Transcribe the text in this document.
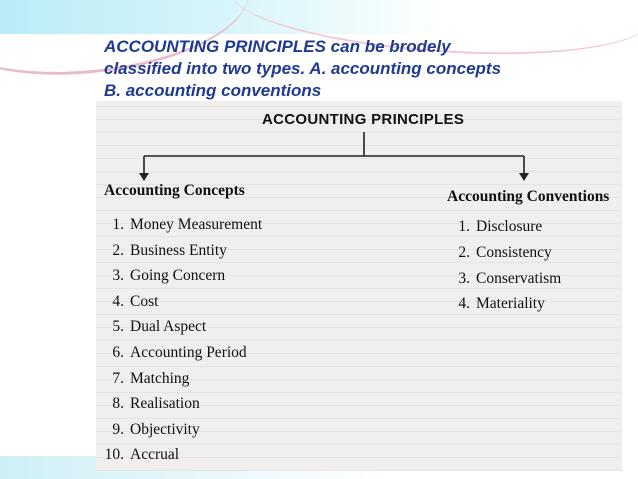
ACCOUNTING PRINCIPLES can be brodely
classified into two types. A. accounting concepts
B. accounting conventions
ACCOUNTING PRINCIPLES
Accounting Concepts	Accounting Conventions
1. Money Measurement
2. Business Entity
3. Going Concern
4. Cost
5. Dual Aspect
6. Accounting Period
7. Matching
8. Realisation
9. Objectivity
10. Accrual
1. Disclosure
2. Consistency
3. Conservatism
4. Materiality
